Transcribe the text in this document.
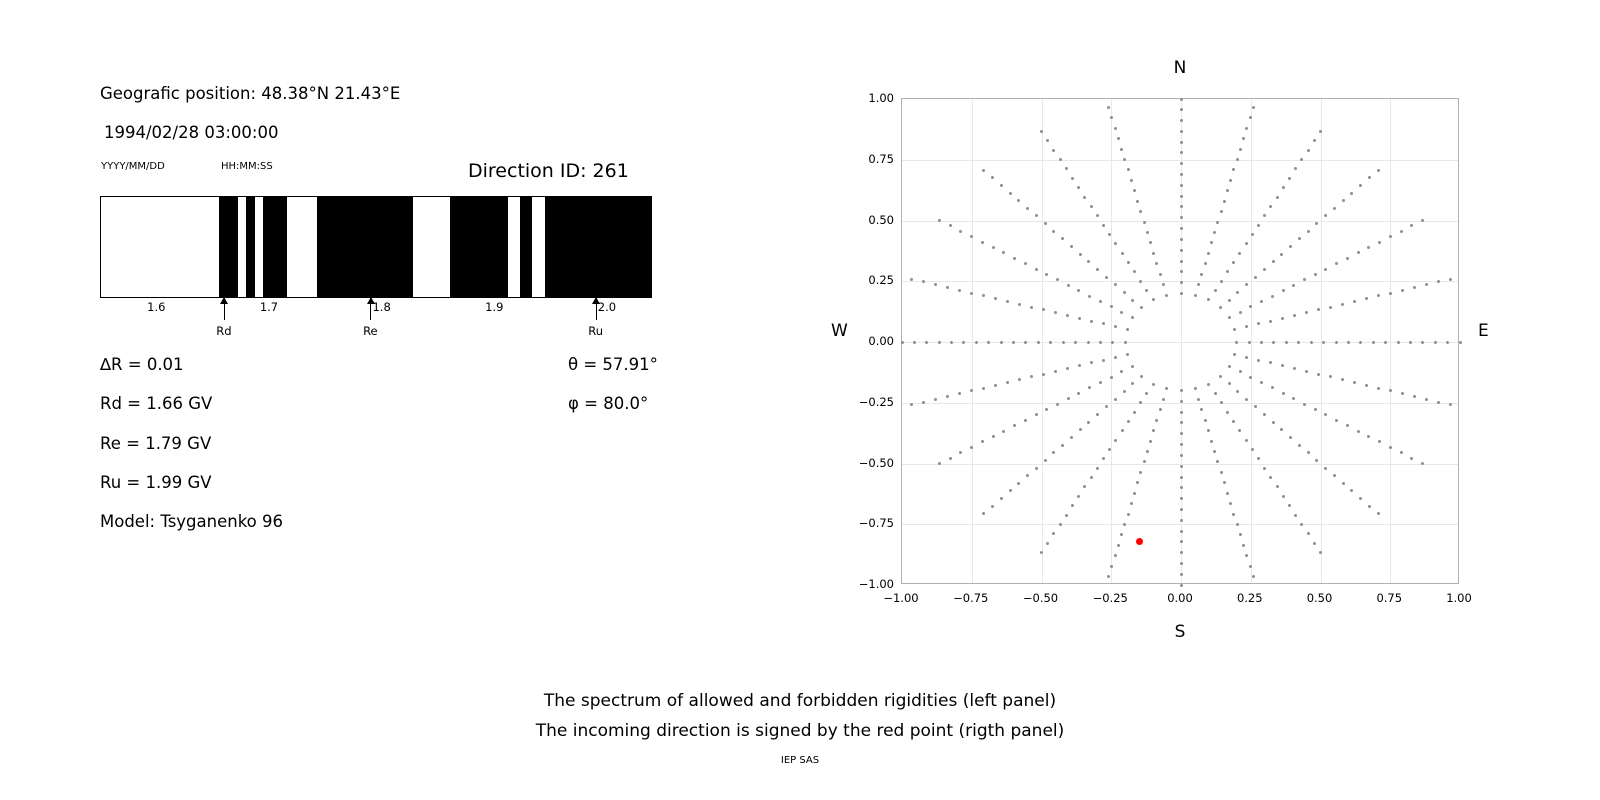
Geografic position: 48.38°N 21.43°E
1994/02/28 03:00:00
YYYY/MM/DD	HH:MM:SS	Direction ID: 261
1.6	1.7	1.8	1.9	2.0
∆R = 0.01
Rd = 1.66 GV
Re = 1.79 GV
Ru = 1.99 GV
Model: Tsyganenko 96
θ = 57.91°
φ = 80.0°
Rd	Re	Ru
N
S
W	E
−1.00	−0.75	−0.50	−0.25	0.00	0.25	0.50	0.75	1.00
−1.00
−0.75
−0.50
−0.25
0.00
0.25
0.50
0.75
1.00
The spectrum of allowed and forbidden rigidities (left panel)
The incoming direction is signed by the red point (rigth panel)
IEP SAS
